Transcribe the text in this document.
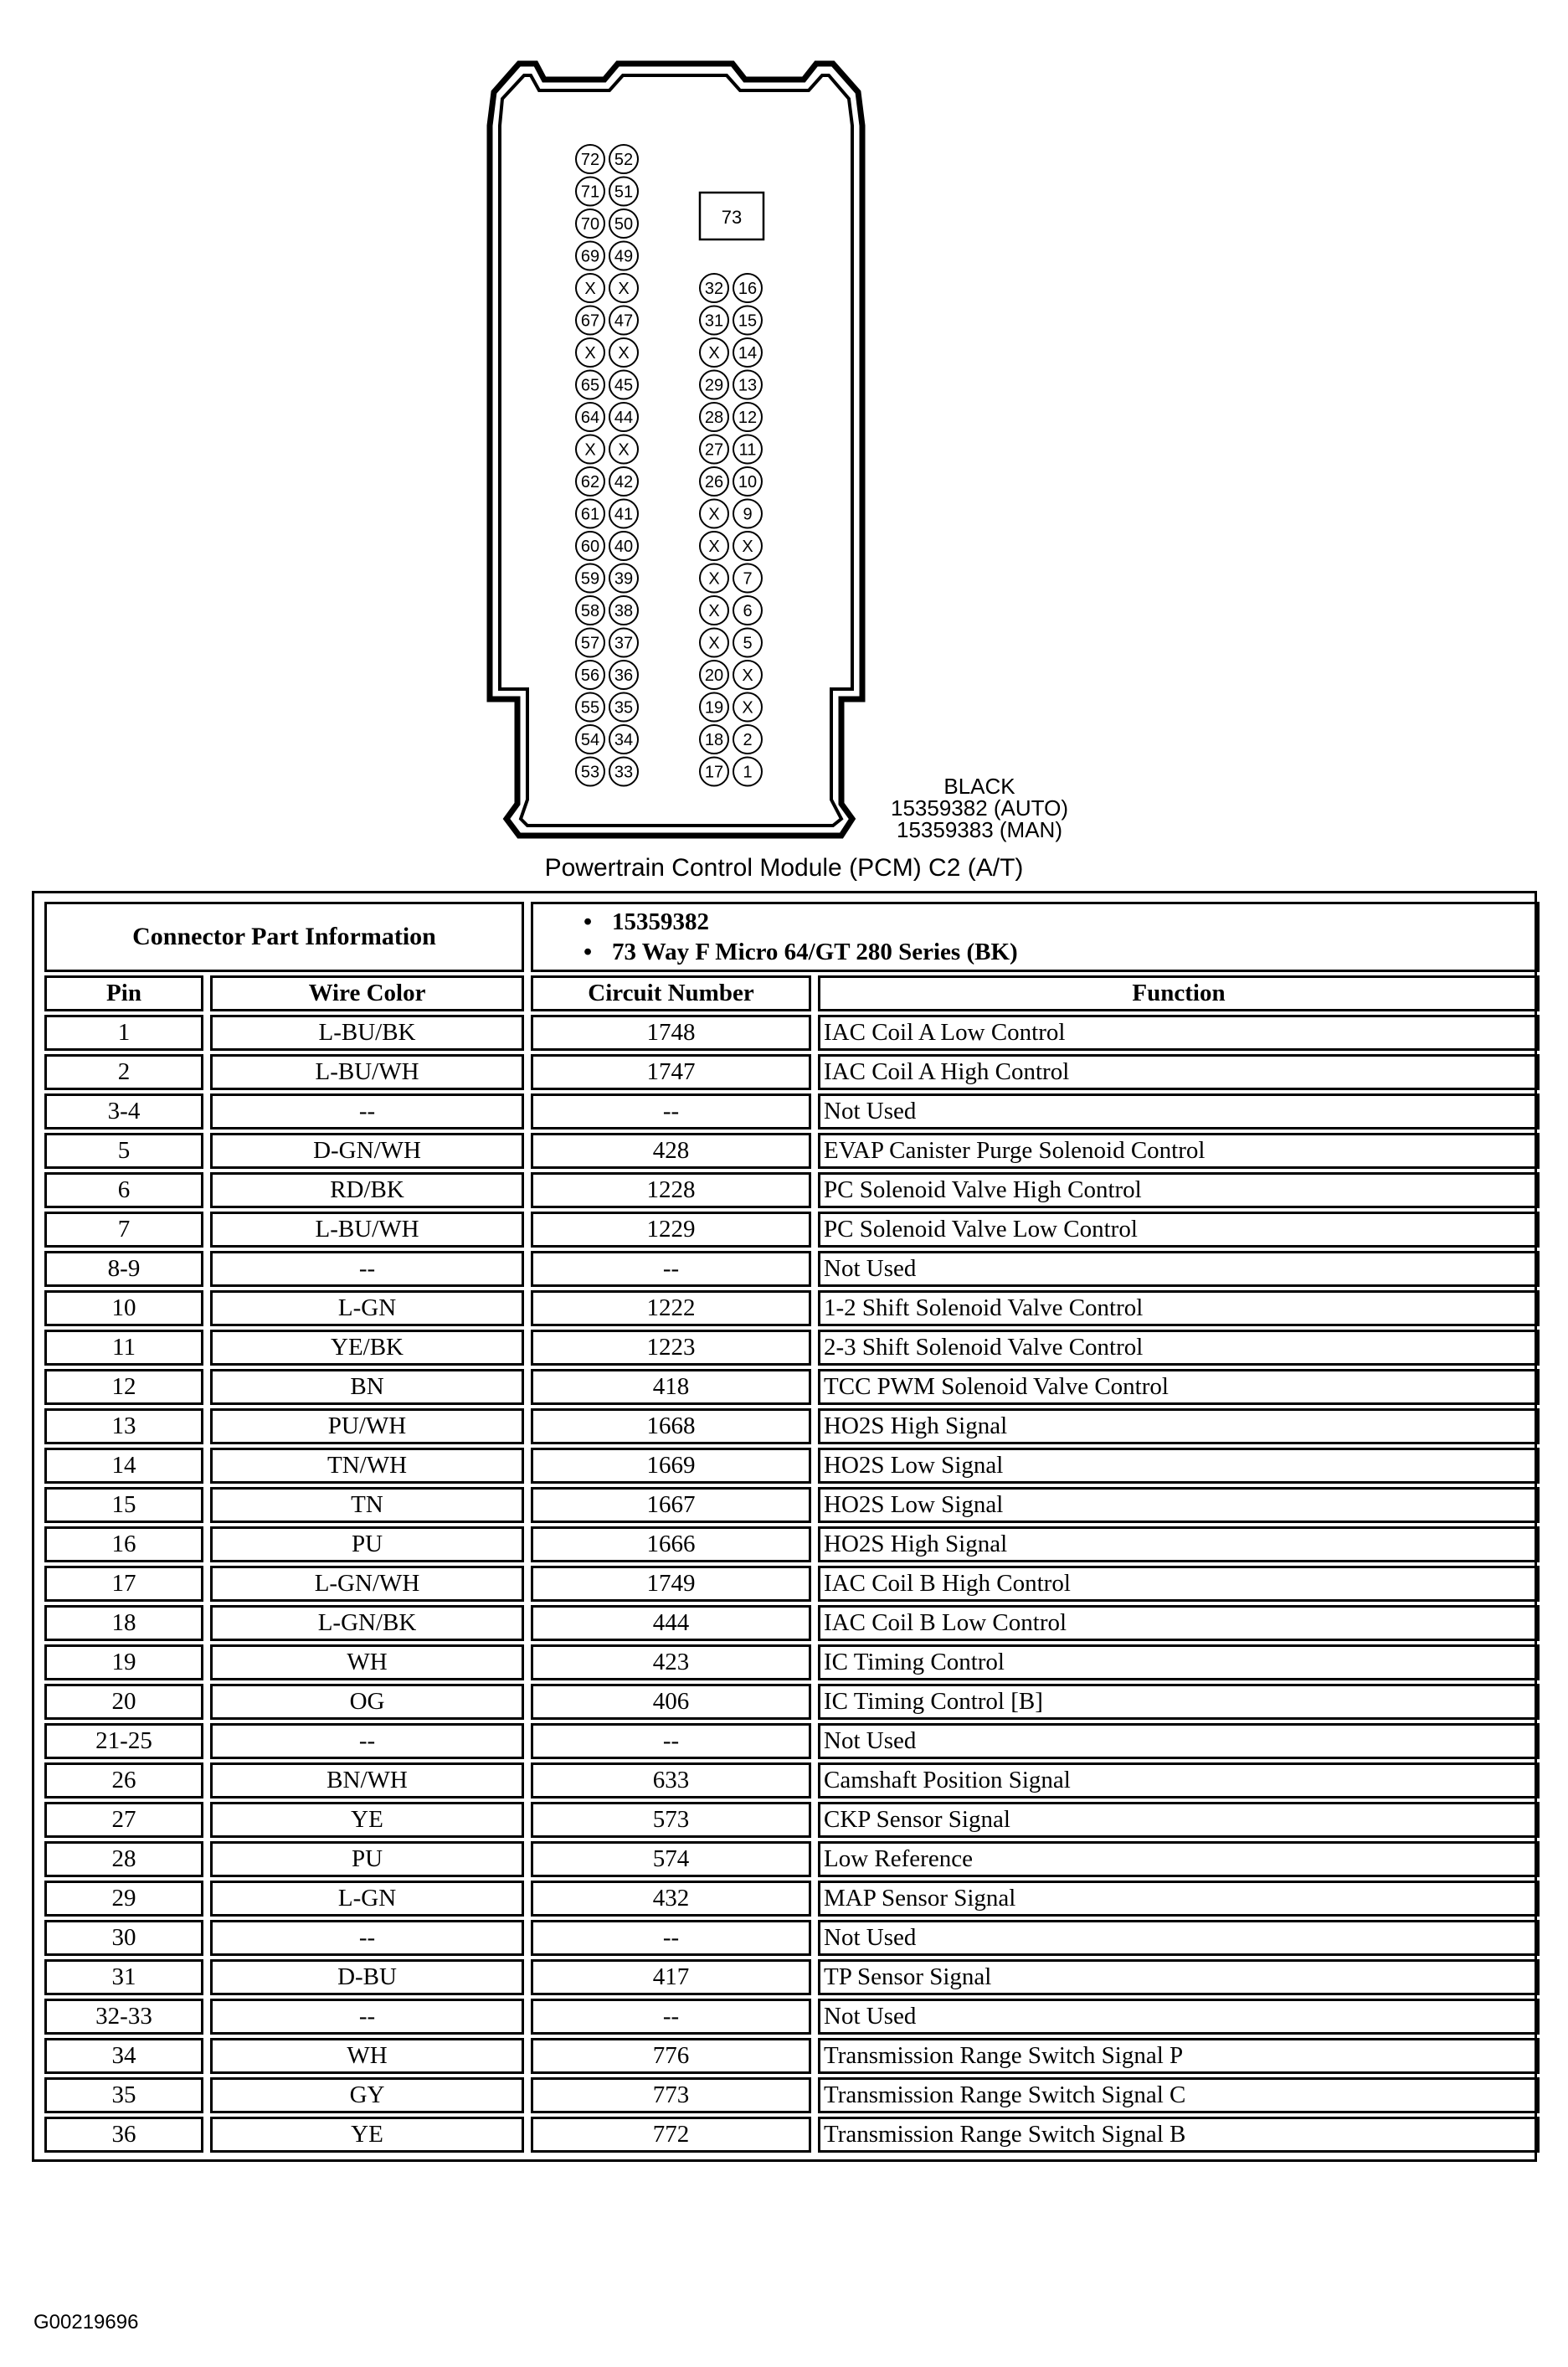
72
71
70
69
X
67
X
65
64
X
62
61
60
59
58
57
56
55
54
53
52
51
50
49
X
47
X
45
44
X
42
41
40
39
38
37
36
35
34
33
32
31
X
29
28
27
26
X
X
X
X
X
20
19
18
17
16
15
14
13
12
11
10
9
X
7
6
5
X
X
2
1
73
BLACK
15359382 (AUTO)
15359383 (MAN)
Powertrain Control Module (PCM) C2 (A/T)
Connector Part Information		• 15359382
• 73 Way F Micro 64/GT 280 Series (BK)	

Pin	Wire Color	Circuit Number	Function
1	L-BU/BK	1748	IAC Coil A Low Control
2	L-BU/WH	1747	IAC Coil A High Control
3-4	--	--	Not Used
5	D-GN/WH	428	EVAP Canister Purge Solenoid Control
6	RD/BK	1228	PC Solenoid Valve High Control
7	L-BU/WH	1229	PC Solenoid Valve Low Control
8-9	--	--	Not Used
10	L-GN	1222	1-2 Shift Solenoid Valve Control
11	YE/BK	1223	2-3 Shift Solenoid Valve Control
12	BN	418	TCC PWM Solenoid Valve Control
13	PU/WH	1668	HO2S High Signal
14	TN/WH	1669	HO2S Low Signal
15	TN	1667	HO2S Low Signal
16	PU	1666	HO2S High Signal
17	L-GN/WH	1749	IAC Coil B High Control
18	L-GN/BK	444	IAC Coil B Low Control
19	WH	423	IC Timing Control
20	OG	406	IC Timing Control [B]
21-25	--	--	Not Used
26	BN/WH	633	Camshaft Position Signal
27	YE	573	CKP Sensor Signal
28	PU	574	Low Reference
29	L-GN	432	MAP Sensor Signal
30	--	--	Not Used
31	D-BU	417	TP Sensor Signal
32-33	--	--	Not Used
34	WH	776	Transmission Range Switch Signal P
35	GY	773	Transmission Range Switch Signal C
36	YE	772	Transmission Range Switch Signal B
G00219696
